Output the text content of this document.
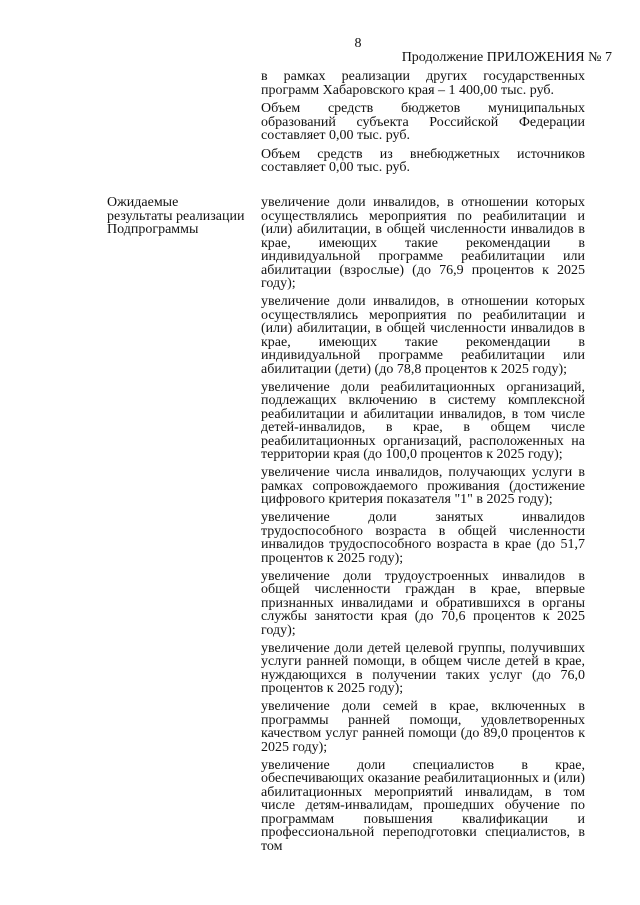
8
Продолжение ПРИЛОЖЕНИЯ № 7

в рамках реализации других государственных программ Хабаровского края – 1 400,00 тыс. руб.

Объем средств бюджетов муниципальных образований субъекта Российской Федерации составляет 0,00 тыс. руб.

Объем средств из внебюджетных источников составляет 0,00 тыс. руб.

Ожидаемые результаты реализации Подпрограммы

увеличение доли инвалидов, в отношении которых осуществлялись мероприятия по реабилитации и (или) абилитации, в общей численности инвалидов в крае, имеющих такие рекомендации в индивидуальной программе реабилитации или абилитации (взрослые) (до 76,9 процентов к 2025 году);

увеличение доли инвалидов, в отношении которых осуществлялись мероприятия по реабилитации и (или) абилитации, в общей численности инвалидов в крае, имеющих такие рекомендации в индивидуальной программе реабилитации или абилитации (дети) (до 78,8 процентов к 2025 году);

увеличение доли реабилитационных организаций, подлежащих включению в систему комплексной реабилитации и абилитации инвалидов, в том числе детей-инвалидов, в крае, в общем числе реабилитационных организаций, расположенных на территории края (до 100,0 процентов к 2025 году);

увеличение числа инвалидов, получающих услуги в рамках сопровождаемого проживания (достижение цифрового критерия показателя "1" в 2025 году);

увеличение доли занятых инвалидов трудоспособного возраста в общей численности инвалидов трудоспособного возраста в крае (до 51,7 процентов к 2025 году);

увеличение доли трудоустроенных инвалидов в общей численности граждан в крае, впервые признанных инвалидами и обратившихся в органы службы занятости края (до 70,6 процентов к 2025 году);

увеличение доли детей целевой группы, получивших услуги ранней помощи, в общем числе детей в крае, нуждающихся в получении таких услуг (до 76,0 процентов к 2025 году);

увеличение доли семей в крае, включенных в программы ранней помощи, удовлетворенных качеством услуг ранней помощи (до 89,0 процентов к 2025 году);

увеличение доли специалистов в крае, обеспечивающих оказание реабилитационных и (или) абилитационных мероприятий инвалидам, в том числе детям-инвалидам, прошедших обучение по программам повышения квалификации и профессиональной переподготовки специалистов, в том
